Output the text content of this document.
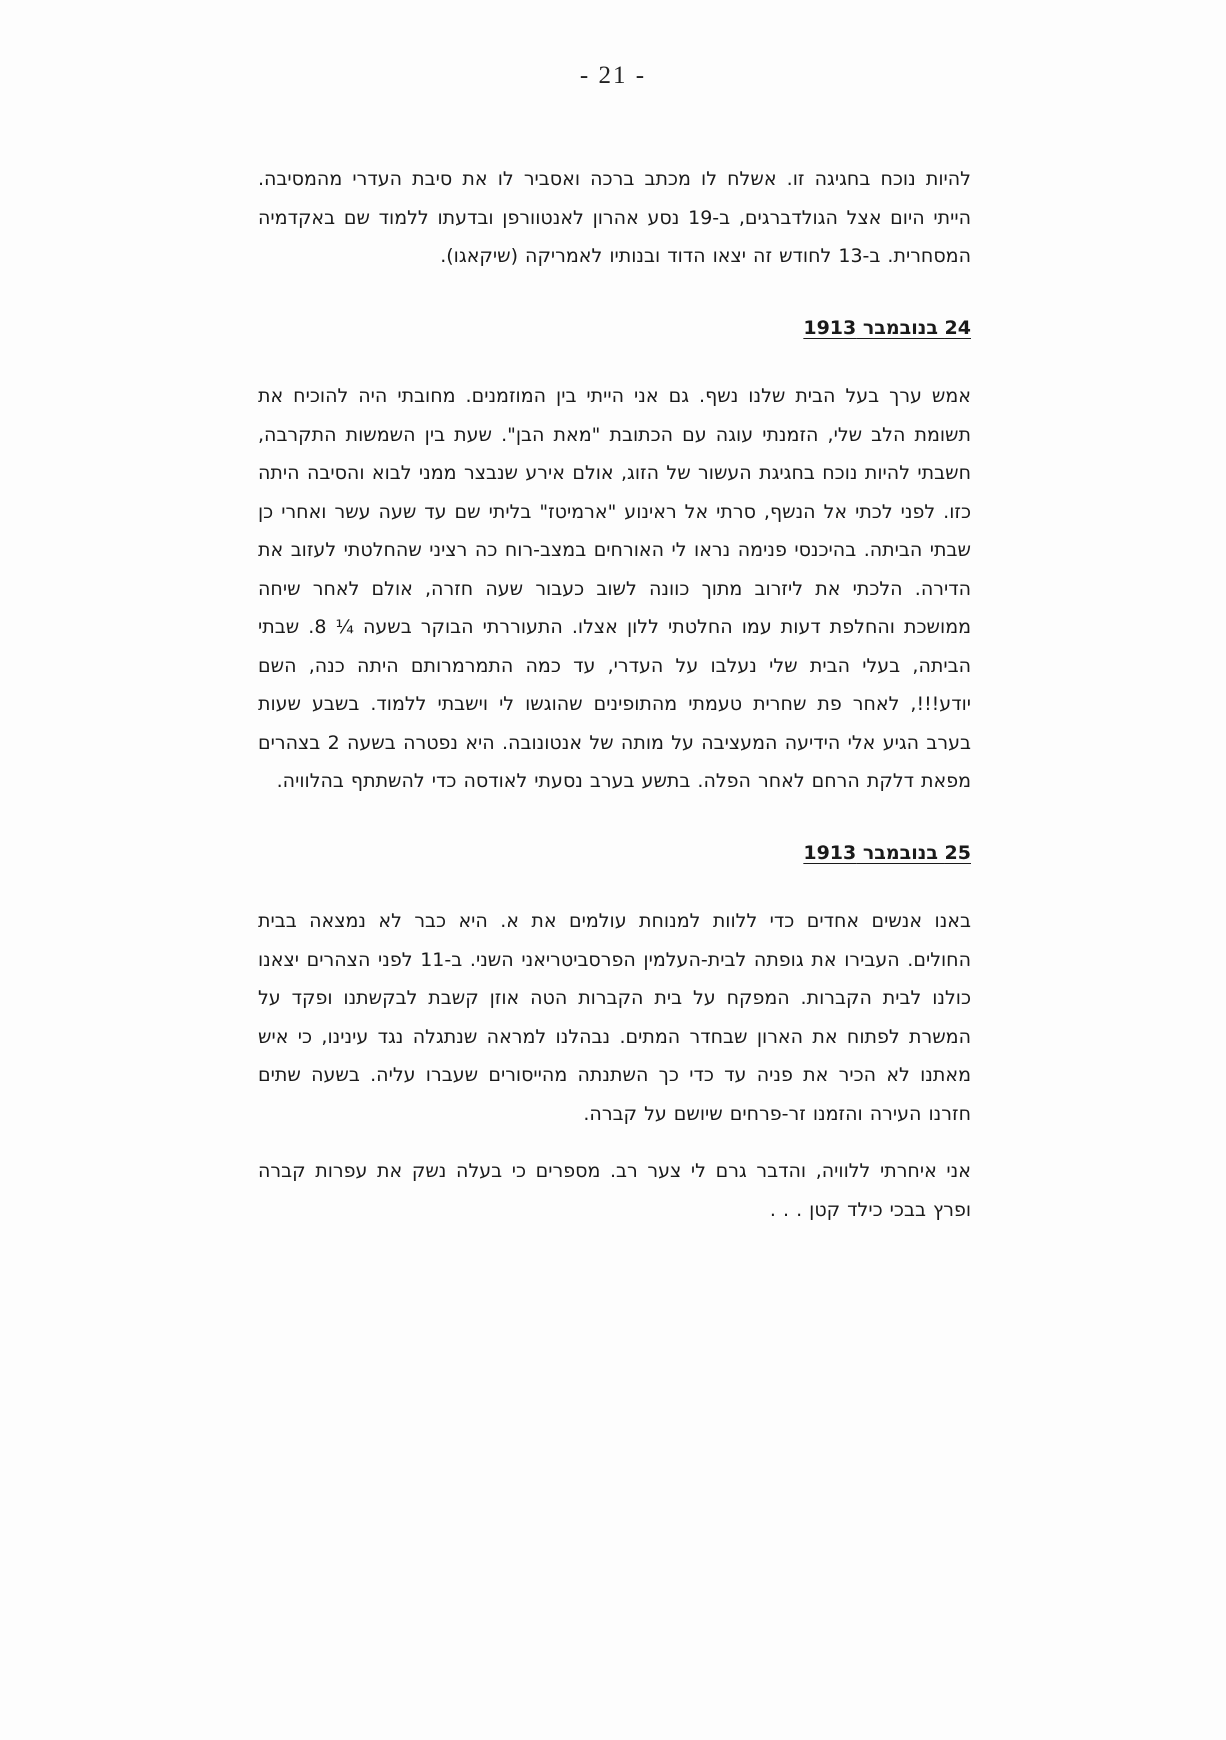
- 21 -

להיות נוכח בחגיגה זו. אשלח לו מכתב ברכה ואסביר לו את סיבת העדרי מהמסיבה. הייתי היום אצל הגולדברגים, ב-19 נסע אהרון לאנטוורפן ובדעתו ללמוד שם באקדמיה המסחרית. ב-13 לחודש זה יצאו הדוד ובנותיו לאמריקה (שיקאגו).

24 בנובמבר 1913

אמש ערך בעל הבית שלנו נשף. גם אני הייתי בין המוזמנים. מחובתי היה להוכיח את תשומת הלב שלי, הזמנתי עוגה עם הכתובת "מאת הבן". שעת בין השמשות התקרבה, חשבתי להיות נוכח בחגיגת העשור של הזוג, אולם אירע שנבצר ממני לבוא והסיבה היתה כזו. לפני לכתי אל הנשף, סרתי אל ראינוע "ארמיטז" בליתי שם עד שעה עשר ואחרי כן שבתי הביתה. בהיכנסי פנימה נראו לי האורחים במצב-רוח כה רציני שהחלטתי לעזוב את הדירה. הלכתי את ליזרוב מתוך כוונה לשוב כעבור שעה חזרה, אולם לאחר שיחה ממושכת והחלפת דעות עמו החלטתי ללון אצלו. התעוררתי הבוקר בשעה ¼ 8. שבתי הביתה, בעלי הבית שלי נעלבו על העדרי, עד כמה התמרמרותם היתה כנה, השם יודע!!!, לאחר פת שחרית טעמתי מהתופינים שהוגשו לי וישבתי ללמוד. בשבע שעות בערב הגיע אלי הידיעה המעציבה על מותה של אנטונובה. היא נפטרה בשעה 2 בצהרים מפאת דלקת הרחם לאחר הפלה. בתשע בערב נסעתי לאודסה כדי להשתתף בהלוויה.

25 בנובמבר 1913

באנו אנשים אחדים כדי ללוות למנוחת עולמים את א. היא כבר לא נמצאה בבית החולים. העבירו את גופתה לבית-העלמין הפרסביטריאני השני. ב-11 לפני הצהרים יצאנו כולנו לבית הקברות. המפקח על בית הקברות הטה אוזן קשבת לבקשתנו ופקד על המשרת לפתוח את הארון שבחדר המתים. נבהלנו למראה שנתגלה נגד עינינו, כי איש מאתנו לא הכיר את פניה עד כדי כך השתנתה מהייסורים שעברו עליה. בשעה שתים חזרנו העירה והזמנו זר-פרחים שיושם על קברה.

אני איחרתי ללוויה, והדבר גרם לי צער רב. מספרים כי בעלה נשק את עפרות קברה ופרץ בבכי כילד קטן . . .
